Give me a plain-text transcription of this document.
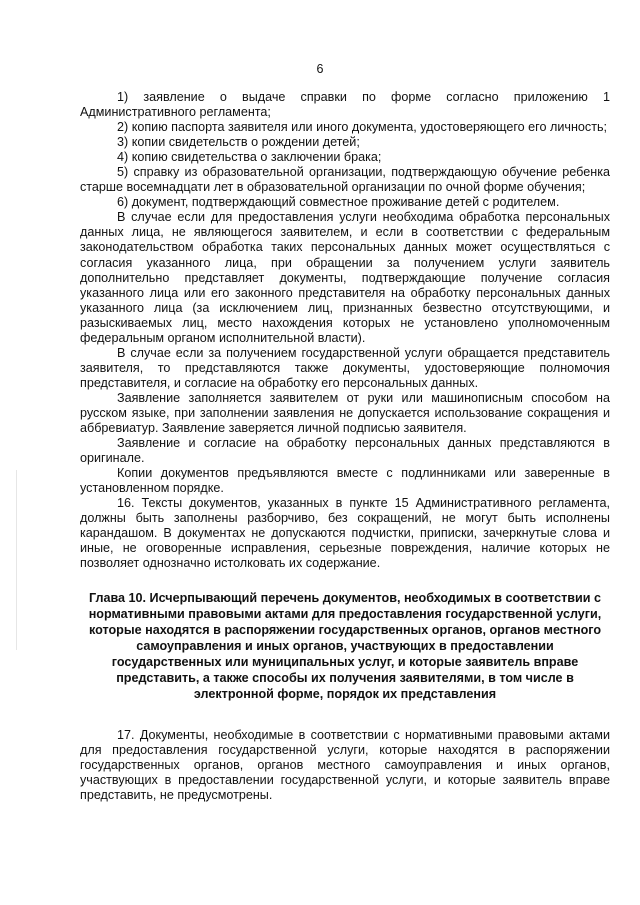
6

1) заявление о выдаче справки по форме согласно приложению 1 Административного регламента;

2) копию паспорта заявителя или иного документа, удостоверяющего его личность;

3) копии свидетельств о рождении детей;

4) копию свидетельства о заключении брака;

5) справку из образовательной организации, подтверждающую обучение ребенка старше восемнадцати лет в образовательной организации по очной форме обучения;

6) документ, подтверждающий совместное проживание детей с родителем.

В случае если для предоставления услуги необходима обработка персональных данных лица, не являющегося заявителем, и если в соответствии с федеральным законодательством обработка таких персональных данных может осуществляться с согласия указанного лица, при обращении за получением услуги заявитель дополнительно представляет документы, подтверждающие получение согласия указанного лица или его законного представителя на обработку персональных данных указанного лица (за исключением лиц, признанных безвестно отсутствующими, и разыскиваемых лиц, место нахождения которых не установлено уполномоченным федеральным органом исполнительной власти).

В случае если за получением государственной услуги обращается представитель заявителя, то представляются также документы, удостоверяющие полномочия представителя, и согласие на обработку его персональных данных.

Заявление заполняется заявителем от руки или машинописным способом на русском языке, при заполнении заявления не допускается использование сокращения и аббревиатур. Заявление заверяется личной подписью заявителя.

Заявление и согласие на обработку персональных данных представляются в оригинале.

Копии документов предъявляются вместе с подлинниками или заверенные в установленном порядке.

16. Тексты документов, указанных в пункте 15 Административного регламента, должны быть заполнены разборчиво, без сокращений, не могут быть исполнены карандашом. В документах не допускаются подчистки, приписки, зачеркнутые слова и иные, не оговоренные исправления, серьезные повреждения, наличие которых не позволяет однозначно истолковать их содержание.

Глава 10. Исчерпывающий перечень документов, необходимых в соответствии с нормативными правовыми актами для предоставления государственной услуги, которые находятся в распоряжении государственных органов, органов местного самоуправления и иных органов, участвующих в предоставлении государственных или муниципальных услуг, и которые заявитель вправе представить, а также способы их получения заявителями, в том числе в электронной форме, порядок их представления

17. Документы, необходимые в соответствии с нормативными правовыми актами для предоставления государственной услуги, которые находятся в распоряжении государственных органов, органов местного самоуправления и иных органов, участвующих в предоставлении государственной услуги, и которые заявитель вправе представить, не предусмотрены.
